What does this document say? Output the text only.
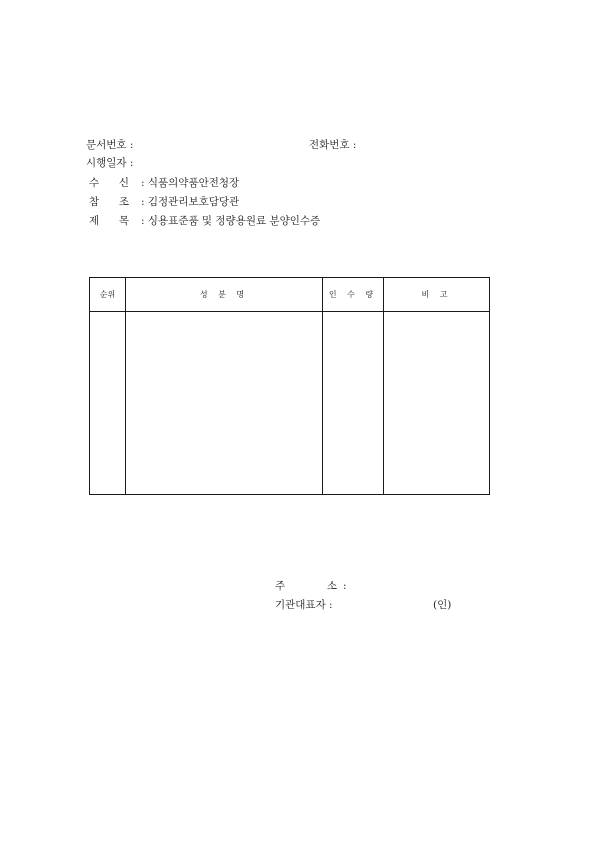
문서번호 :	전화번호 :
시행일자 :
수 신 : 식품의약품안전청장
참 조 : 김정관리보호담당관
제 목 : 싱용표준품 및 정량용원료 분양인수증
순위	성 분 명	인 수 량	비 고

주	소 :
기관대표자 :	(인)
